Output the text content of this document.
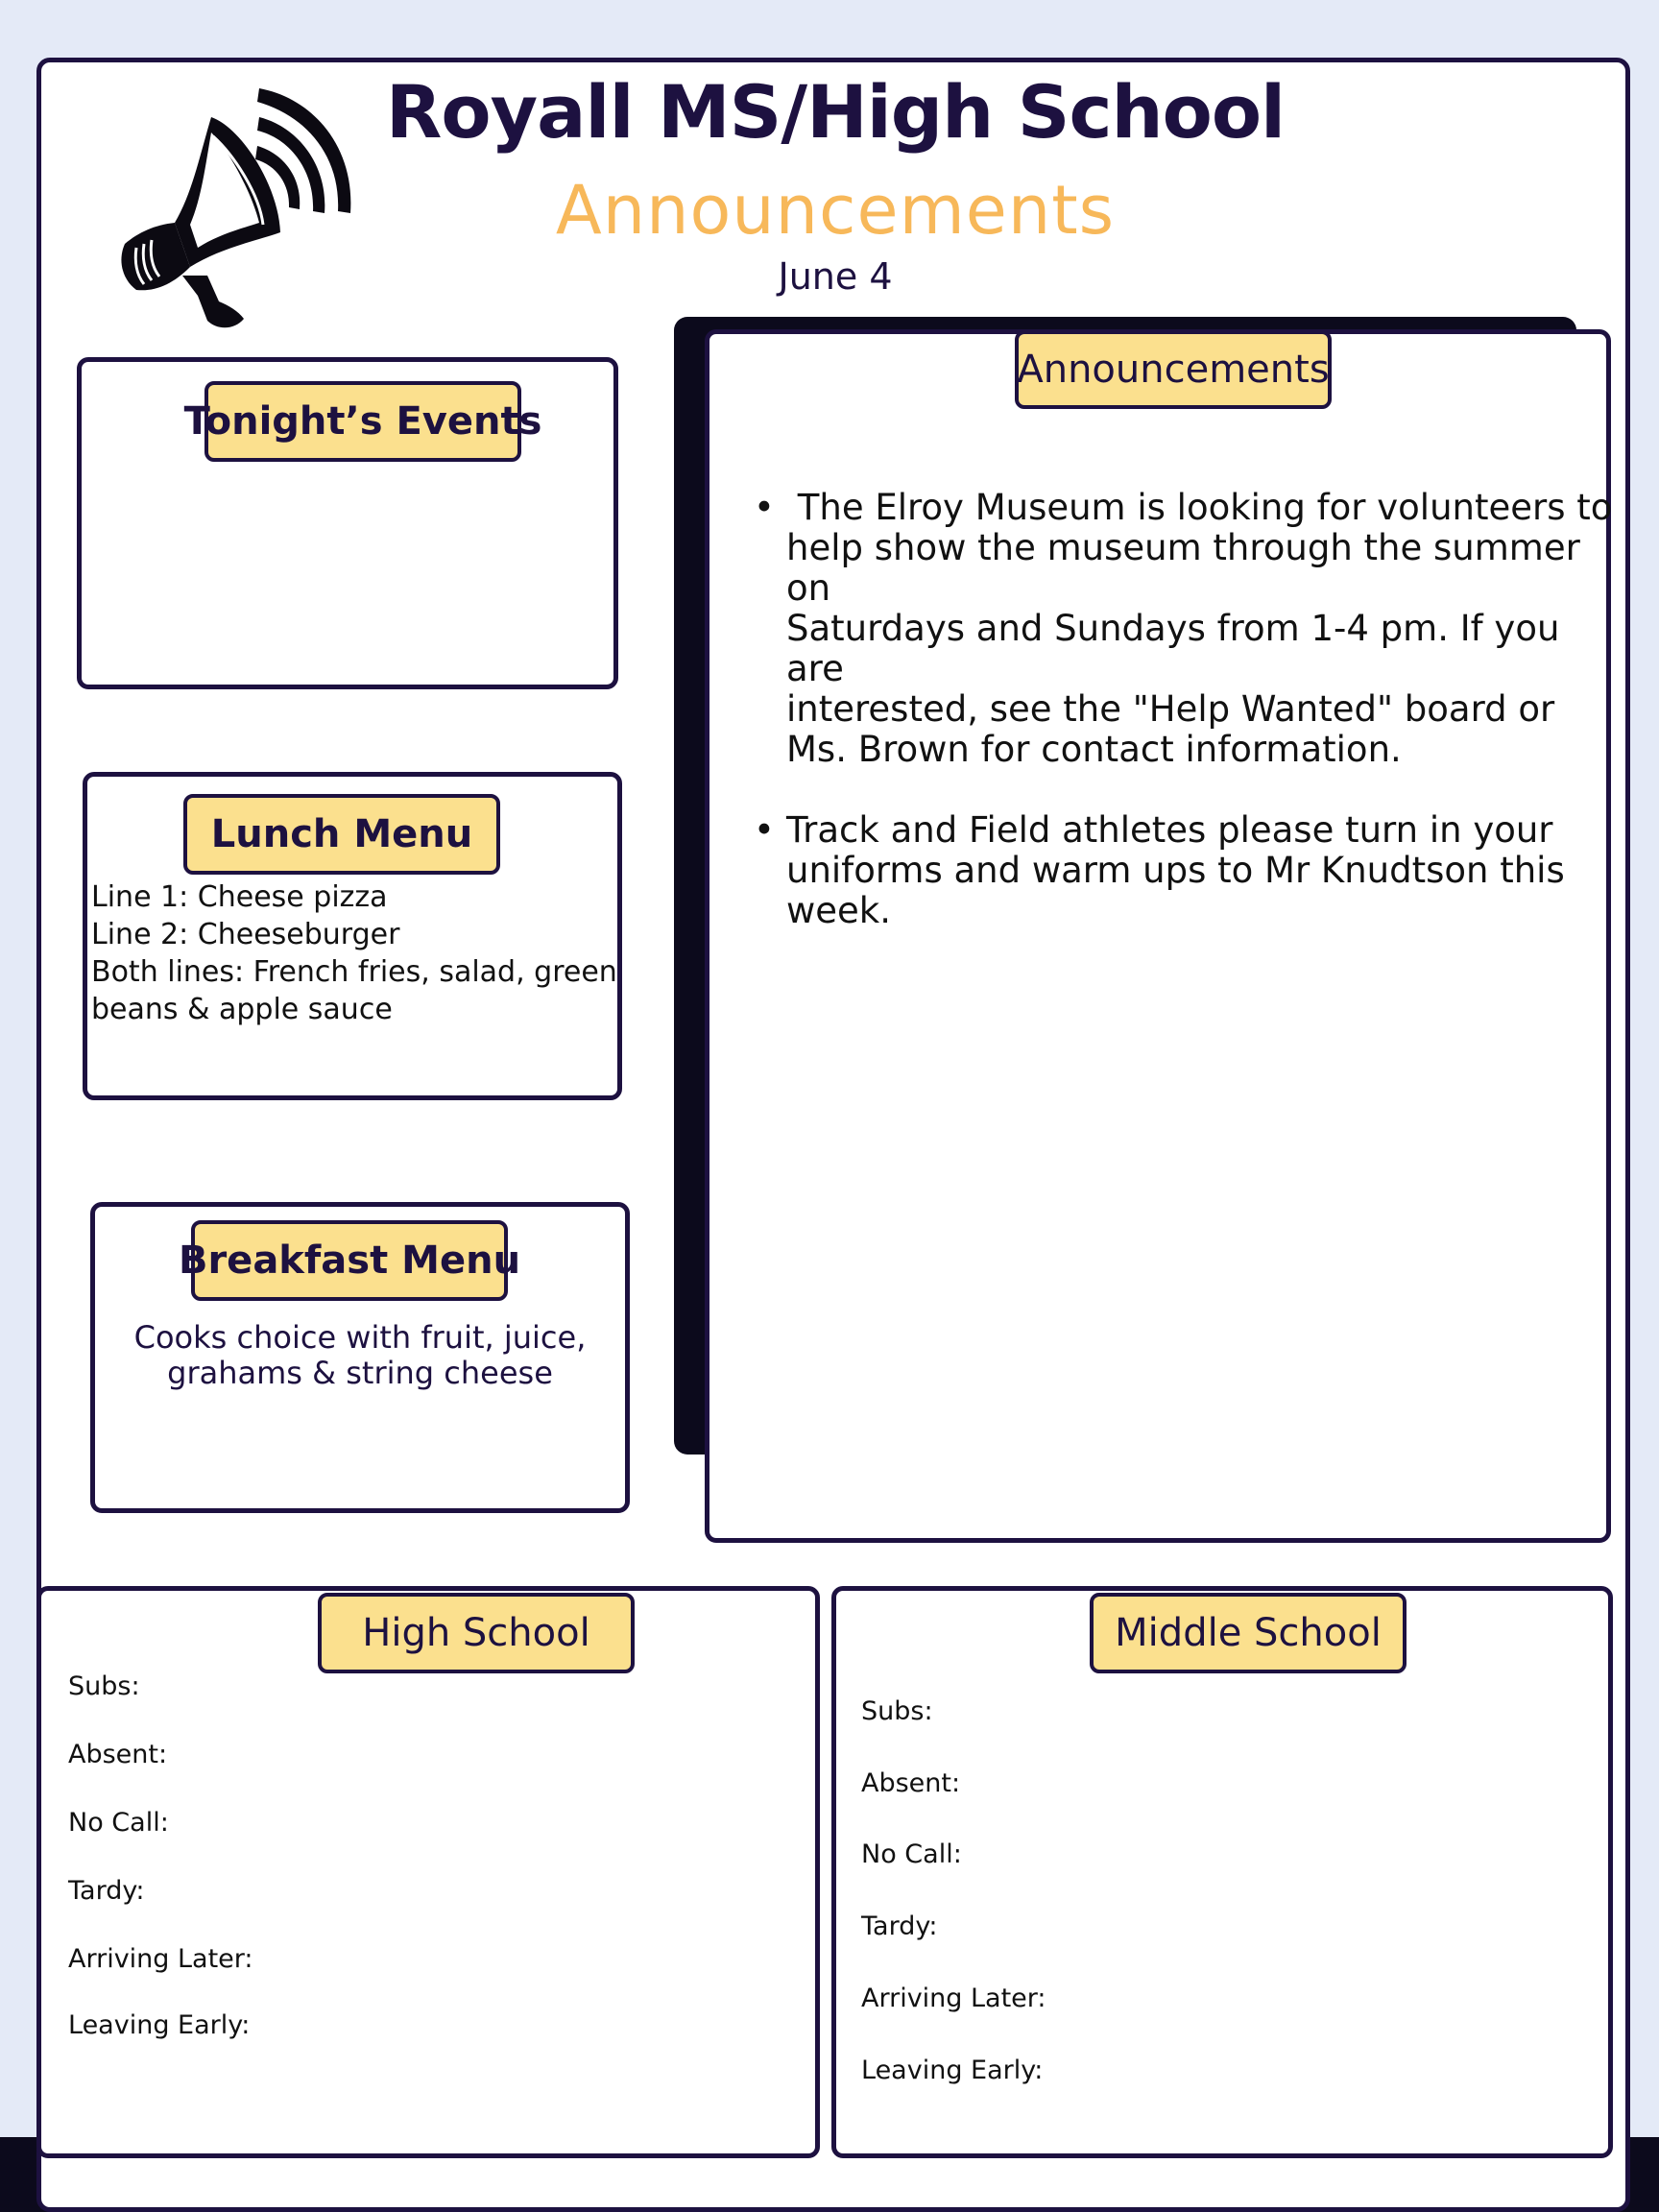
Royall MS/High School
Announcements
June 4
Tonight’s Events
Lunch Menu
Line 1: Cheese pizza
Line 2: Cheeseburger
Both lines: French fries, salad, green
beans & apple sauce
Breakfast Menu
Cooks choice with fruit, juice,
grahams & string cheese
Announcements
• The Elroy Museum is looking for volunteers to
help show the museum through the summer on
Saturdays and Sundays from 1-4 pm. If you are
interested, see the "Help Wanted" board or
Ms. Brown for contact information.
• Track and Field athletes please turn in your
uniforms and warm ups to Mr Knudtson this
week.
High School
Subs:
Absent:
No Call:
Tardy:
Arriving Later:
Leaving Early:
Middle School
Subs:
Absent:
No Call:
Tardy:
Arriving Later:
Leaving Early:
